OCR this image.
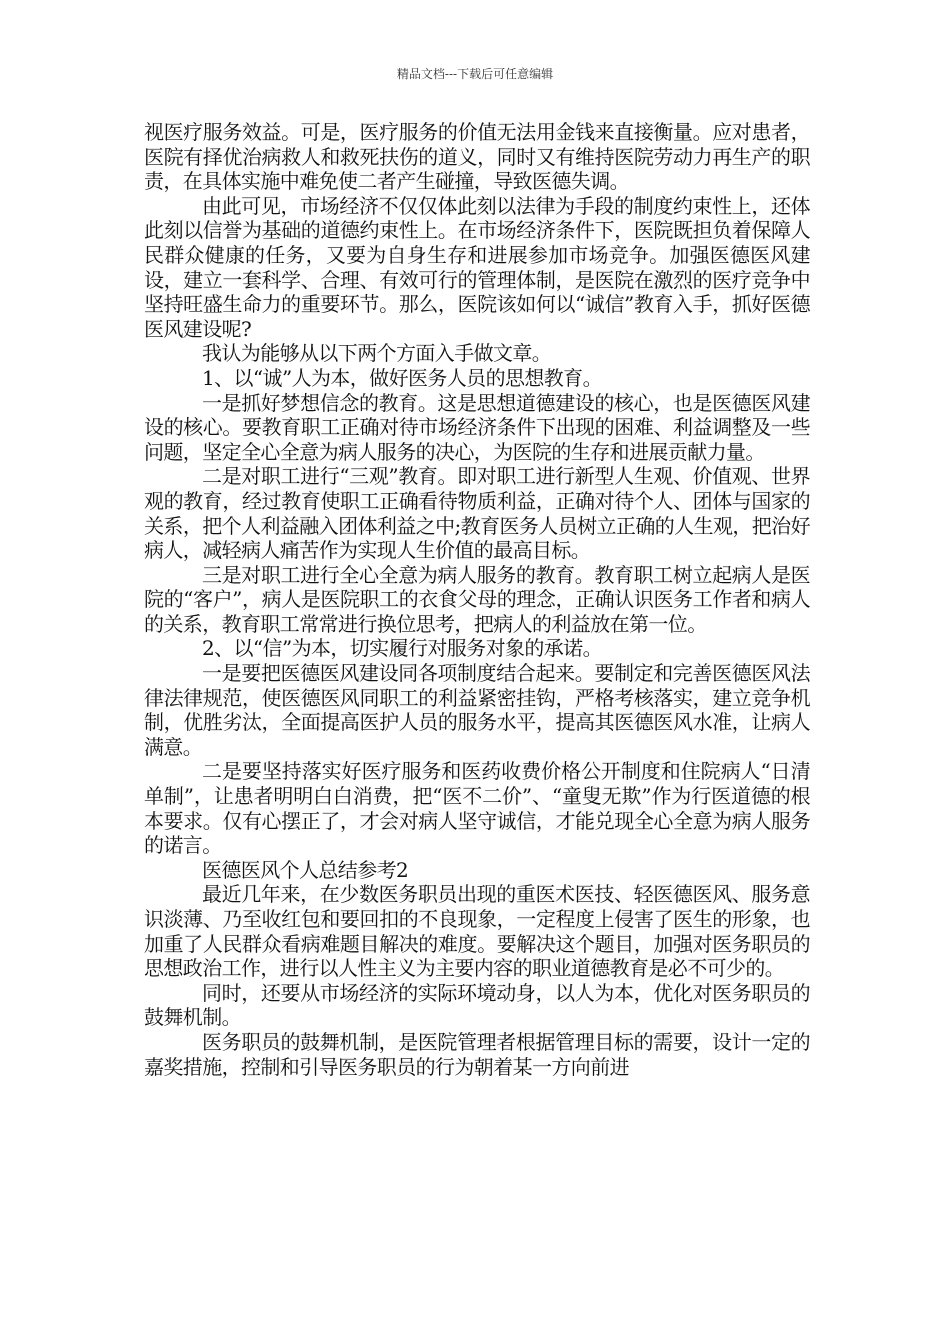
精品文档---下载后可任意编辑

视医疗服务效益。可是，医疗服务的价值无法用金钱来直接衡量。应对患者，医院有择优治病救人和救死扶伤的道义，同时又有维持医院劳动力再生产的职责，在具体实施中难免使二者产生碰撞，导致医德失调。

由此可见，市场经济不仅仅体此刻以法律为手段的制度约束性上，还体此刻以信誉为基础的道德约束性上。在市场经济条件下，医院既担负着保障人民群众健康的任务，又要为自身生存和进展参加市场竞争。加强医德医风建设，建立一套科学、合理、有效可行的管理体制，是医院在激烈的医疗竞争中坚持旺盛生命力的重要环节。那么，医院该如何以“诚信”教育入手，抓好医德医风建设呢?

我认为能够从以下两个方面入手做文章。

1、以“诚”人为本，做好医务人员的思想教育。

一是抓好梦想信念的教育。这是思想道德建设的核心，也是医德医风建设的核心。要教育职工正确对待市场经济条件下出现的困难、利益调整及一些问题，坚定全心全意为病人服务的决心，为医院的生存和进展贡献力量。

二是对职工进行“三观”教育。即对职工进行新型人生观、价值观、世界观的教育，经过教育使职工正确看待物质利益，正确对待个人、团体与国家的关系，把个人利益融入团体利益之中;教育医务人员树立正确的人生观，把治好病人，减轻病人痛苦作为实现人生价值的最高目标。

三是对职工进行全心全意为病人服务的教育。教育职工树立起病人是医院的“客户”，病人是医院职工的衣食父母的理念，正确认识医务工作者和病人的关系，教育职工常常进行换位思考，把病人的利益放在第一位。

2、以“信”为本，切实履行对服务对象的承诺。

一是要把医德医风建设同各项制度结合起来。要制定和完善医德医风法律法律规范，使医德医风同职工的利益紧密挂钩，严格考核落实，建立竞争机制，优胜劣汰，全面提高医护人员的服务水平，提高其医德医风水准，让病人满意。

二是要坚持落实好医疗服务和医药收费价格公开制度和住院病人“日清单制”，让患者明明白白消费，把“医不二价”、“童叟无欺”作为行医道德的根本要求。仅有心摆正了，才会对病人坚守诚信，才能兑现全心全意为病人服务的诺言。

医德医风个人总结参考2

最近几年来，在少数医务职员出现的重医术医技、轻医德医风、服务意识淡薄、乃至收红包和要回扣的不良现象，一定程度上侵害了医生的形象，也加重了人民群众看病难题目解决的难度。要解决这个题目，加强对医务职员的思想政治工作，进行以人性主义为主要内容的职业道德教育是必不可少的。

同时，还要从市场经济的实际环境动身，以人为本，优化对医务职员的鼓舞机制。

医务职员的鼓舞机制，是医院管理者根据管理目标的需要，设计一定的嘉奖措施，控制和引导医务职员的行为朝着某一方向前进
